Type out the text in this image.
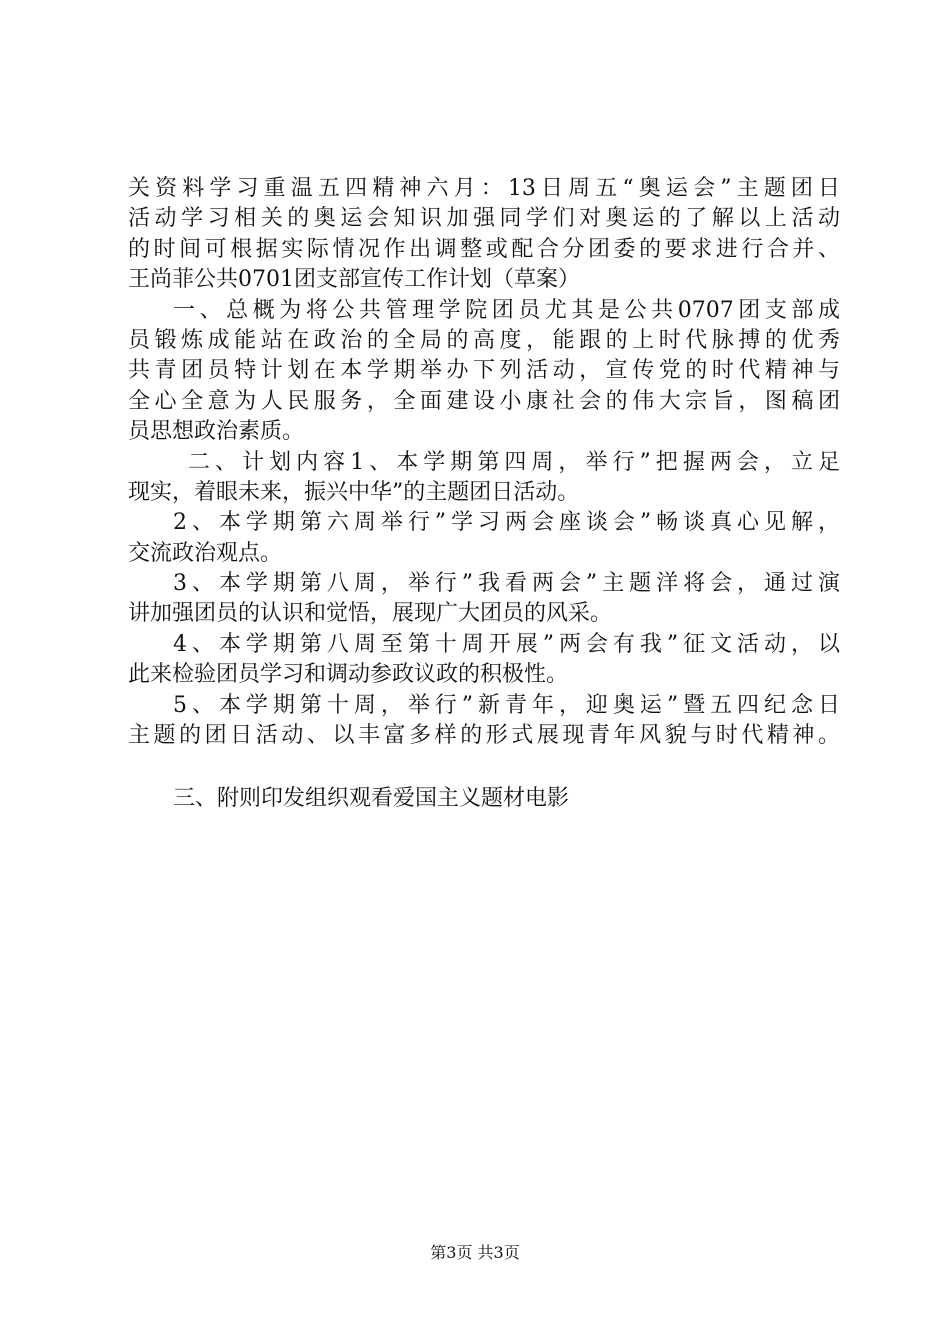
关资料学习重温五四精神六月：13日周五“奥运会”主题团日
活动学习相关的奥运会知识加强同学们对奥运的了解以上活动
的时间可根据实际情况作出调整或配合分团委的要求进行合并、
王尚菲公共0701团支部宣传工作计划（草案）
一、总概为将公共管理学院团员尤其是公共0707团支部成
员锻炼成能站在政治的全局的高度，能跟的上时代脉搏的优秀
共青团员特计划在本学期举办下列活动，宣传党的时代精神与
全心全意为人民服务，全面建设小康社会的伟大宗旨，图稿团
员思想政治素质。
二、计划内容1、本学期第四周，举行”把握两会，立足
现实，着眼未来，振兴中华”的主题团日活动。
2、本学期第六周举行”学习两会座谈会”畅谈真心见解，
交流政治观点。
3、本学期第八周，举行”我看两会”主题洋将会，通过演
讲加强团员的认识和觉悟，展现广大团员的风采。
4、本学期第八周至第十周开展”两会有我”征文活动，以
此来检验团员学习和调动参政议政的积极性。
5、本学期第十周，举行”新青年，迎奥运”暨五四纪念日
主题的团日活动、以丰富多样的形式展现青年风貌与时代精神。
三、附则印发组织观看爱国主义题材电影
第3页 共3页
